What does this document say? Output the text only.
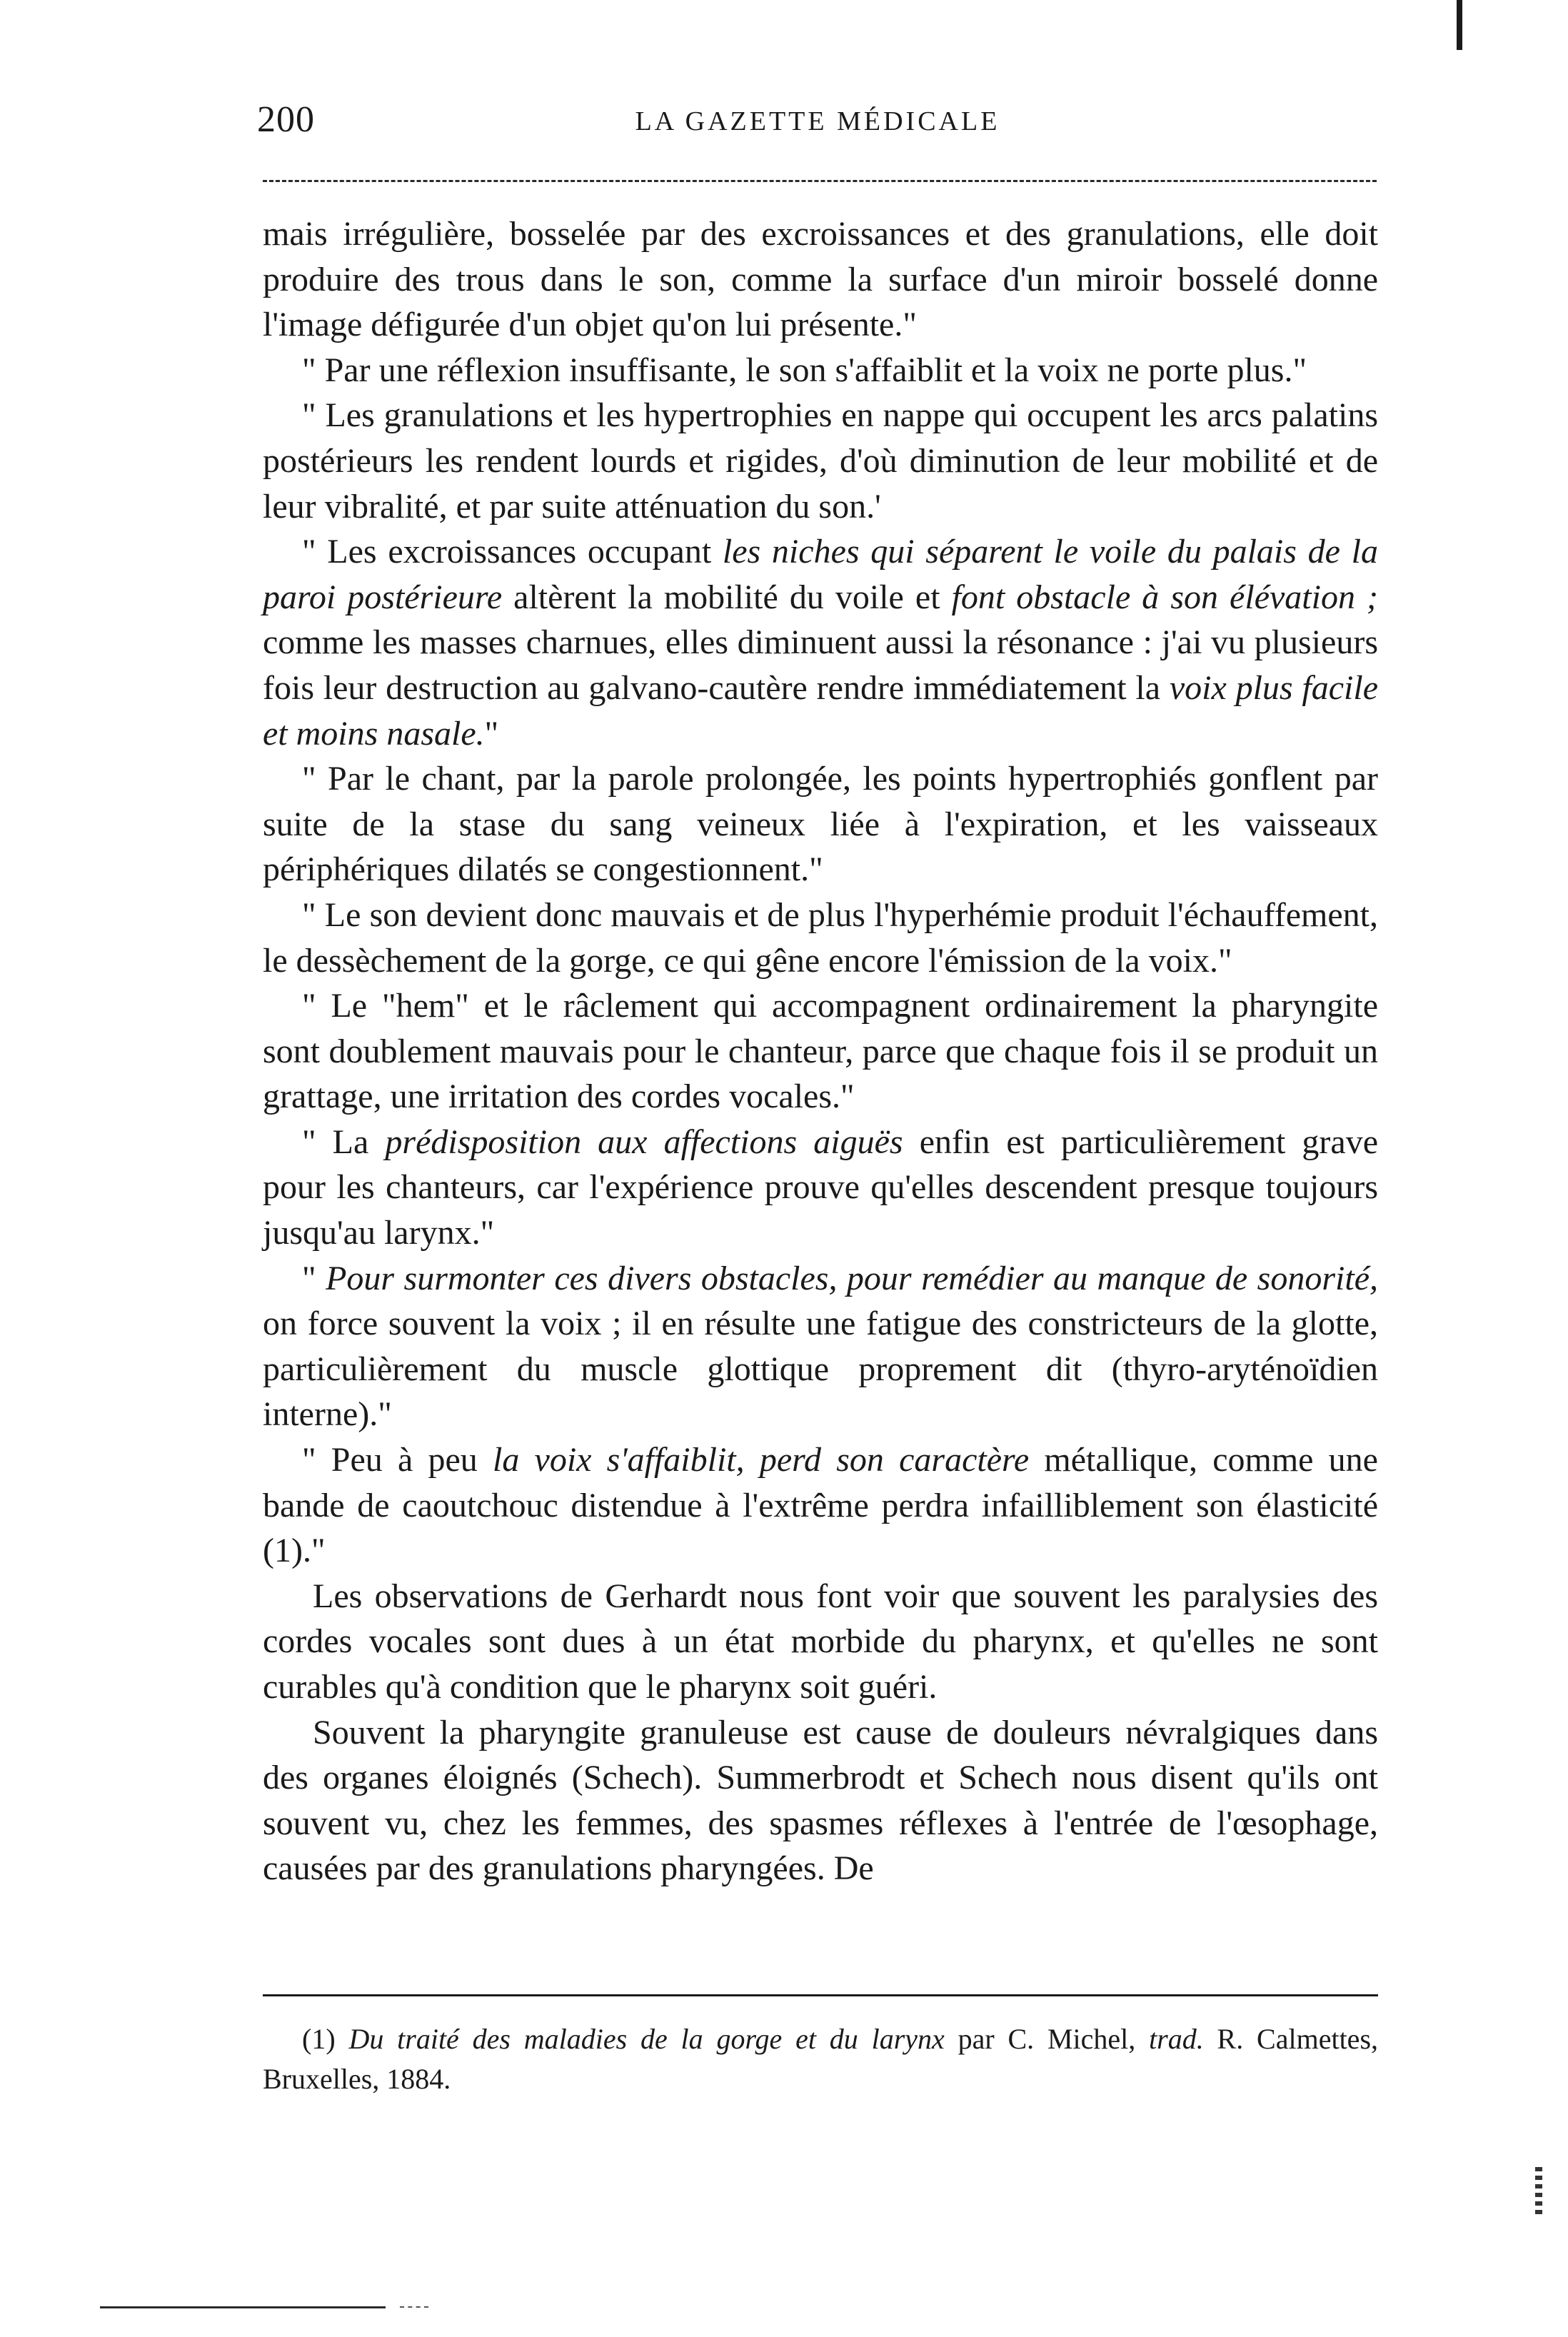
200	LA GAZETTE MÉDICALE

mais irrégulière, bosselée par des excroissances et des granulations, elle doit produire des trous dans le son, comme la surface d'un miroir bosselé donne l'image défigurée d'un objet qu'on lui présente."

" Par une réflexion insuffisante, le son s'affaiblit et la voix ne porte plus."

" Les granulations et les hypertrophies en nappe qui occupent les arcs palatins postérieurs les rendent lourds et rigides, d'où diminution de leur mobilité et de leur vibralité, et par suite atténuation du son.'

" Les excroissances occupant les niches qui séparent le voile du palais de la paroi postérieure altèrent la mobilité du voile et font obstacle à son élévation ; comme les masses charnues, elles diminuent aussi la résonance : j'ai vu plusieurs fois leur destruction au galvano-cautère rendre immédiatement la voix plus facile et moins nasale."

" Par le chant, par la parole prolongée, les points hypertrophiés gonflent par suite de la stase du sang veineux liée à l'expiration, et les vaisseaux périphériques dilatés se congestionnent."

" Le son devient donc mauvais et de plus l'hyperhémie produit l'échauffement, le dessèchement de la gorge, ce qui gêne encore l'émission de la voix."

" Le "hem" et le râclement qui accompagnent ordinairement la pharyngite sont doublement mauvais pour le chanteur, parce que chaque fois il se produit un grattage, une irritation des cordes vocales."

" La prédisposition aux affections aiguës enfin est particulièrement grave pour les chanteurs, car l'expérience prouve qu'elles descendent presque toujours jusqu'au larynx."

" Pour surmonter ces divers obstacles, pour remédier au manque de sonorité, on force souvent la voix ; il en résulte une fatigue des constricteurs de la glotte, particulièrement du muscle glottique proprement dit (thyro-aryténoïdien interne)."

" Peu à peu la voix s'affaiblit, perd son caractère métallique, comme une bande de caoutchouc distendue à l'extrême perdra infailliblement son élasticité (1)."

Les observations de Gerhardt nous font voir que souvent les paralysies des cordes vocales sont dues à un état morbide du pharynx, et qu'elles ne sont curables qu'à condition que le pharynx soit guéri.

Souvent la pharyngite granuleuse est cause de douleurs névralgiques dans des organes éloignés (Schech). Summerbrodt et Schech nous disent qu'ils ont souvent vu, chez les femmes, des spasmes réflexes à l'entrée de l'œsophage, causées par des granulations pharyngées. De

(1) Du traité des maladies de la gorge et du larynx par C. Michel, trad. R. Calmettes, Bruxelles, 1884.
